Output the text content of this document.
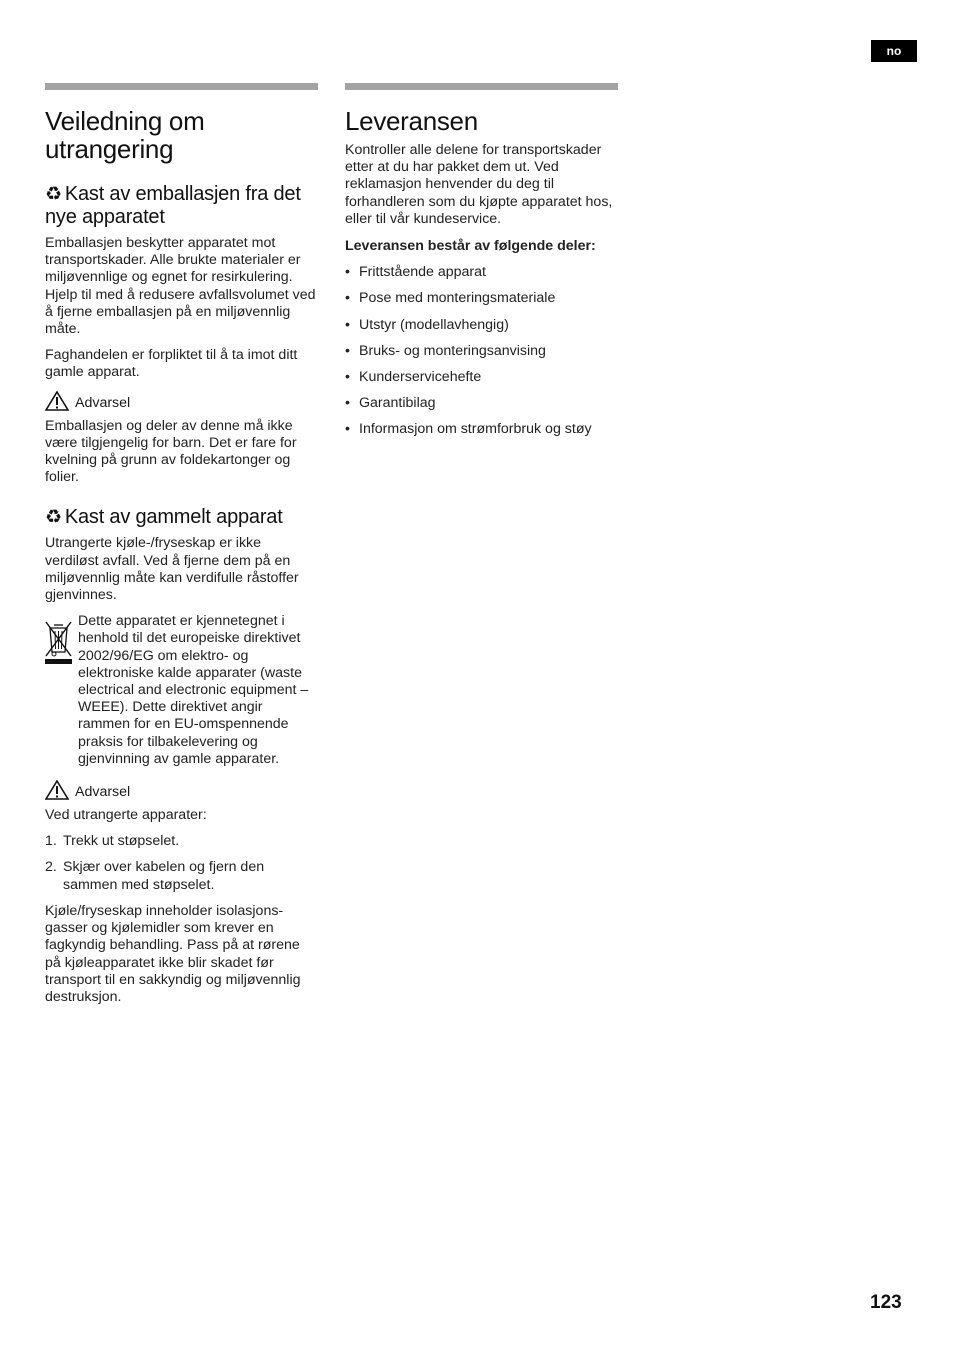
no
Veiledning om utrangering
♻ Kast av emballasjen fra det nye apparatet

Emballasjen beskytter apparatet mot transportskader. Alle brukte materialer er miljøvennlige og egnet for resirkulering. Hjelp til med å redusere avfallsvolumet ved å fjerne emballasjen på en miljøvennlig måte.

Faghandelen er forpliktet til å ta imot ditt gamle apparat.

Advarsel

Emballasjen og deler av denne må ikke være tilgjengelig for barn. Det er fare for kvelning på grunn av foldekartonger og folier.

♻ Kast av gammelt apparat

Utrangerte kjøle-/fryseskap er ikke verdiløst avfall. Ved å fjerne dem på en miljøvennlig måte kan verdifulle råstoffer gjenvinnes.

Dette apparatet er kjennetegnet i henhold til det europeiske direktivet 2002/96/EG om elektro- og elektroniske kalde apparater (waste electrical and electronic equipment – WEEE). Dette direktivet angir rammen for en EU-omspennende praksis for tilbakelevering og gjenvinning av gamle apparater.

Advarsel

Ved utrangerte apparater:

1. Trekk ut støpselet.
2. Skjær over kabelen og fjern den sammen med støpselet.

Kjøle/fryseskap inneholder isolasjonsgasser og kjølemidler som krever en fagkyndig behandling. Pass på at rørene på kjøleapparatet ikke blir skadet før transport til en sakkyndig og miljøvennlig destruksjon.

Leveransen

Kontroller alle delene for transportskader etter at du har pakket dem ut. Ved reklamasjon henvender du deg til forhandleren som du kjøpte apparatet hos, eller til vår kundeservice.

Leveransen består av følgende deler:

• Frittstående apparat
• Pose med monteringsmateriale
• Utstyr (modellavhengig)
• Bruks- og monteringsanvising
• Kunderservicehefte
• Garantibilag
• Informasjon om strømforbruk og støy
123
